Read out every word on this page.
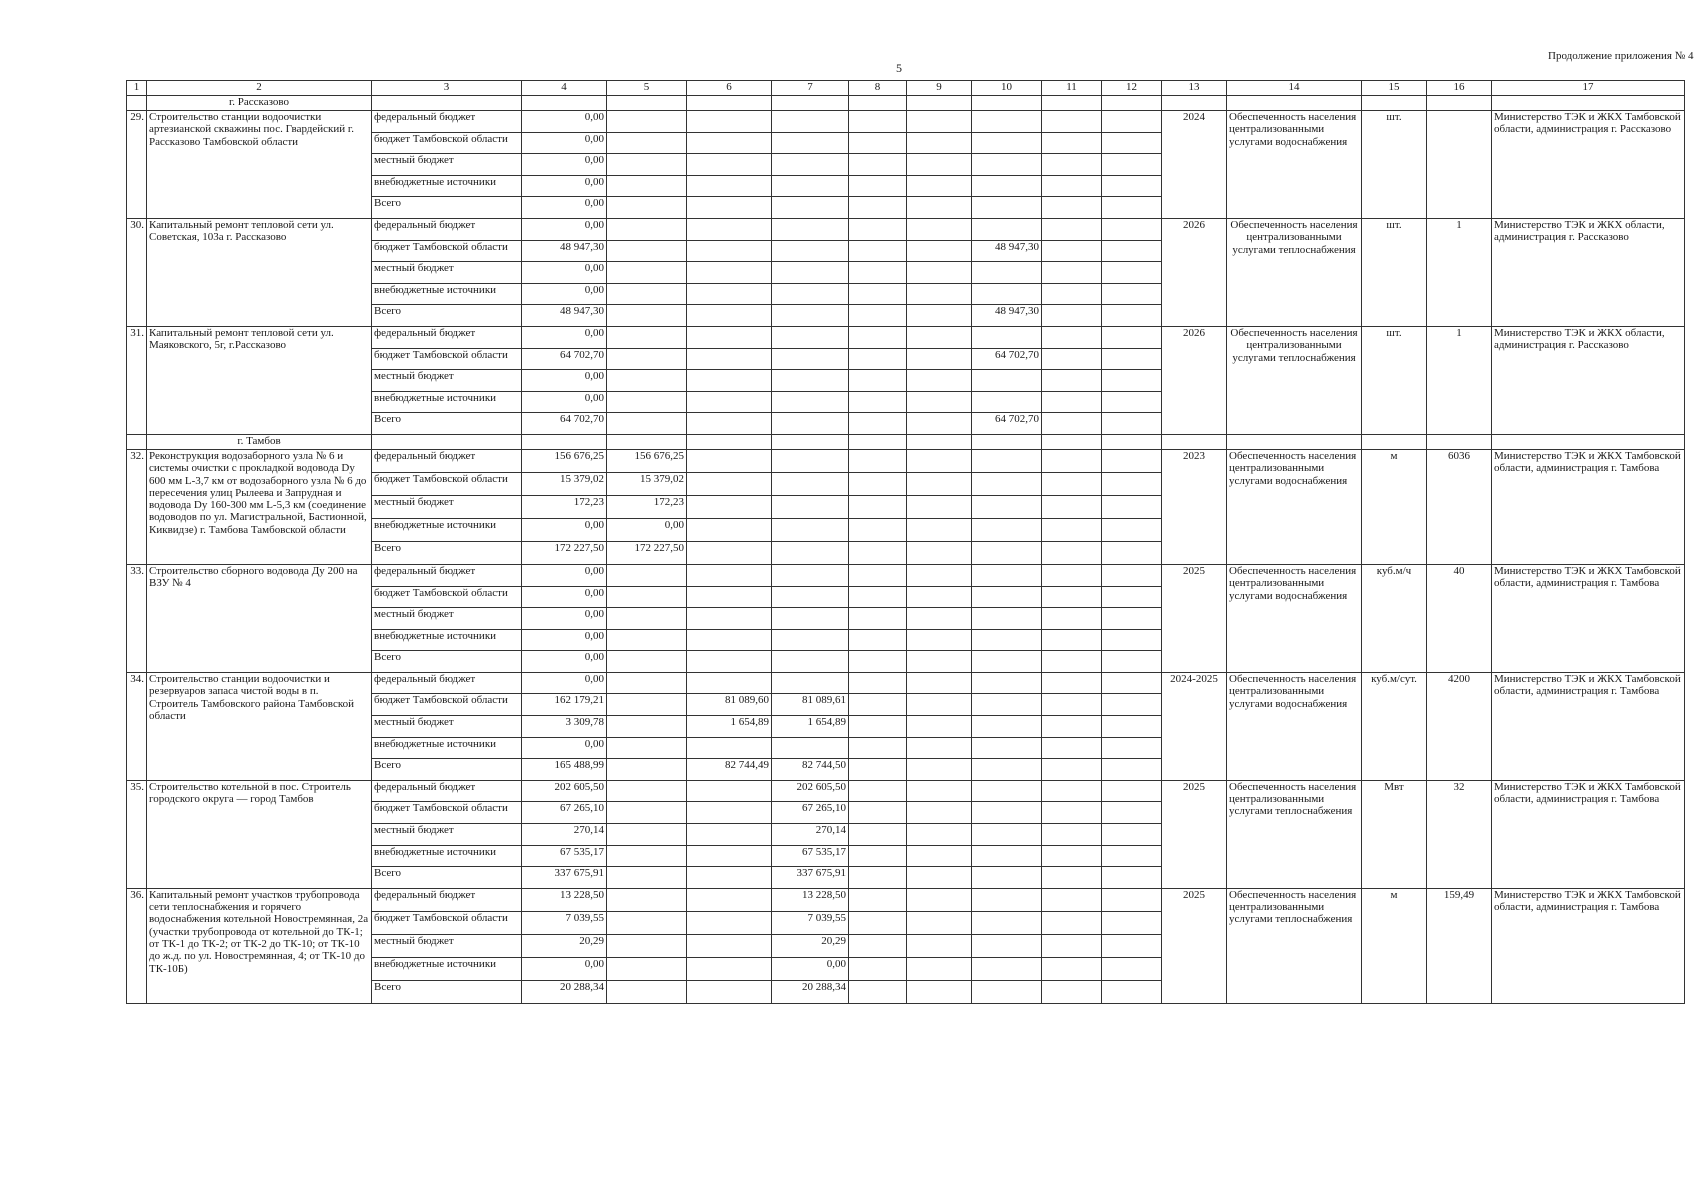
5
Продолжение приложения № 4
1	2	3	4	5	6	7	8	9	10	11	12	13	14	15	16	17
	г. Рассказово															
29.	Строительство станции водоочистки артезианской скважины пос. Гвардейский г. Рассказово Тамбовской области	федеральный бюджет	0,00									2024	Обеспеченность населения централизованными услугами водоснабжения	шт.		Министерство ТЭК и ЖКХ Тамбовской области, администрация г. Рассказово
		бюджет Тамбовской области	0,00													
		местный бюджет	0,00													
		внебюджетные источники	0,00													
		Всего	0,00													
30.	Капитальный ремонт тепловой сети ул. Советская, 103а г. Рассказово	федеральный бюджет	0,00									2026	Обеспеченность населения централизованными услугами теплоснабжения	шт.	1	Министерство ТЭК и ЖКХ области, администрация г. Рассказово
		бюджет Тамбовской области	48 947,30						48 947,30							
		местный бюджет	0,00													
		внебюджетные источники	0,00													
		Всего	48 947,30						48 947,30							
31.	Капитальный ремонт тепловой сети ул. Маяковского, 5г, г.Рассказово	федеральный бюджет	0,00									2026	Обеспеченность населения централизованными услугами теплоснабжения	шт.	1	Министерство ТЭК и ЖКХ области, администрация г. Рассказово
		бюджет Тамбовской области	64 702,70						64 702,70							
		местный бюджет	0,00													
		внебюджетные источники	0,00													
		Всего	64 702,70						64 702,70							
	г. Тамбов															
32.	Реконструкция водозаборного узла № 6 и системы очистки с прокладкой водовода Dy 600 мм L-3,7 км от водозаборного узла № 6 до пересечения улиц Рылеева и Запрудная и водовода Dy 160-300 мм L-5,3 км (соединение водоводов по ул. Магистральной, Бастионной, Киквидзе) г. Тамбова Тамбовской области	федеральный бюджет	156 676,25	156 676,25								2023	Обеспеченность населения централизованными услугами водоснабжения	м	6036	Министерство ТЭК и ЖКХ Тамбовской области, администрация г. Тамбова
		бюджет Тамбовской области	15 379,02	15 379,02												
		местный бюджет	172,23	172,23												
		внебюджетные источники	0,00	0,00												
		Всего	172 227,50	172 227,50												
33.	Строительство сборного водовода Ду 200 на ВЗУ № 4	федеральный бюджет	0,00									2025	Обеспеченность населения централизованными услугами водоснабжения	куб.м/ч	40	Министерство ТЭК и ЖКХ Тамбовской области, администрация г. Тамбова
		бюджет Тамбовской области	0,00													
		местный бюджет	0,00													
		внебюджетные источники	0,00													
		Всего	0,00													
34.	Строительство станции водоочистки и резервуаров запаса чистой воды в п. Строитель Тамбовского района Тамбовской области	федеральный бюджет	0,00									2024-2025	Обеспеченность населения централизованными услугами водоснабжения	куб.м/сут.	4200	Министерство ТЭК и ЖКХ Тамбовской области, администрация г. Тамбова
		бюджет Тамбовской области	162 179,21		81 089,60	81 089,61										
		местный бюджет	3 309,78		1 654,89	1 654,89										
		внебюджетные источники	0,00													
		Всего	165 488,99		82 744,49	82 744,50										
35.	Строительство котельной в пос. Строитель городского округа — город Тамбов	федеральный бюджет	202 605,50			202 605,50						2025	Обеспеченность населения централизованными услугами теплоснабжения	Мвт	32	Министерство ТЭК и ЖКХ Тамбовской области, администрация г. Тамбова
		бюджет Тамбовской области	67 265,10			67 265,10										
		местный бюджет	270,14			270,14										
		внебюджетные источники	67 535,17			67 535,17										
		Всего	337 675,91			337 675,91										
36.	Капитальный ремонт участков трубопровода сети теплоснабжения и горячего водоснабжения котельной Новостремянная, 2а (участки трубопровода от котельной до ТК-1; от ТК-1 до ТК-2; от ТК-2 до ТК-10; от ТК-10 до ж.д. по ул. Новостремянная, 4; от ТК-10 до ТК-10Б)	федеральный бюджет	13 228,50			13 228,50						2025	Обеспеченность населения централизованными услугами теплоснабжения	м	159,49	Министерство ТЭК и ЖКХ Тамбовской области, администрация г. Тамбова
		бюджет Тамбовской области	7 039,55			7 039,55										
		местный бюджет	20,29			20,29										
		внебюджетные источники	0,00			0,00										
		Всего	20 288,34			20 288,34										
